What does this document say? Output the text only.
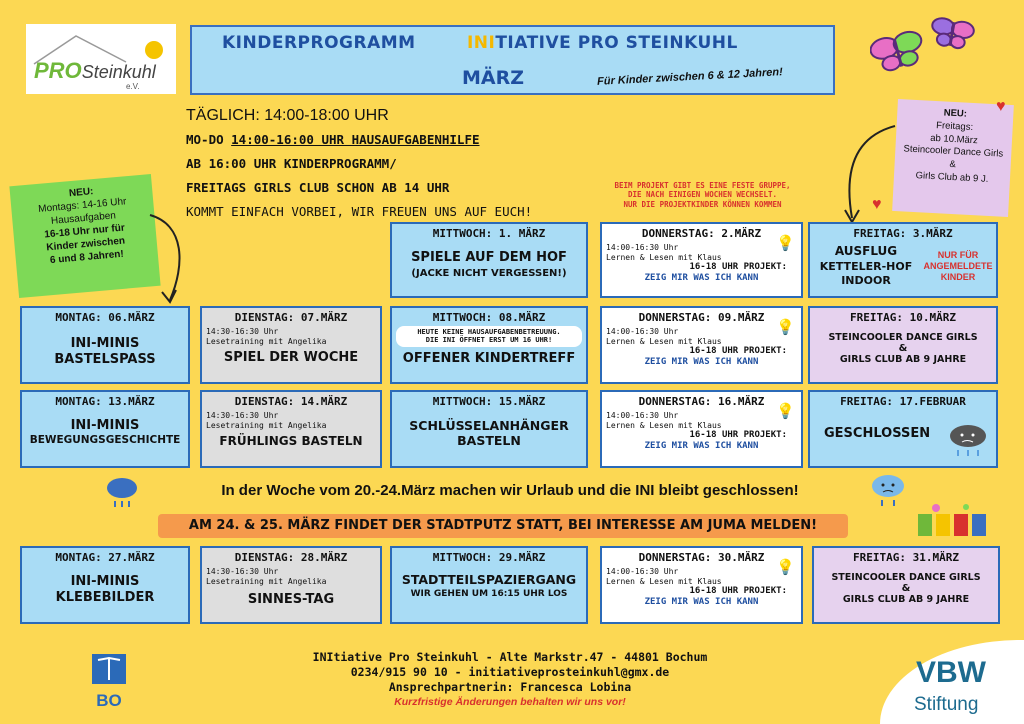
PROSteinkuhl
e.V.
KINDERPROGRAMM	INITIATIVE PRO STEINKUHL
MÄRZ	Für Kinder zwischen 6 & 12 Jahren!
TÄGLICH: 14:00-18:00 UHR
MO-DO 14:00-16:00 UHR HAUSAUFGABENHILFE
AB 16:00 UHR KINDERPROGRAMM/
FREITAGS GIRLS CLUB SCHON AB 14 UHR
KOMMT EINFACH VORBEI, WIR FREUEN UNS AUF EUCH!
NEU:
Montags: 14-16 Uhr
Hausaufgaben
16-18 Uhr nur für
Kinder zwischen
6 und 8 Jahren!
NEU:
Freitags:
ab 10.März
Steincooler Dance Girls
&
Girls Club ab 9 J.
♥
♥
BEIM PROJEKT GIBT ES EINE FESTE GRUPPE,
DIE NACH EINIGEN WOCHEN WECHSELT.
NUR DIE PROJEKTKINDER KÖNNEN KOMMEN
MITTWOCH: 1. MÄRZ
SPIELE AUF DEM HOF
(JACKE NICHT VERGESSEN!)
DONNERSTAG: 2.MÄRZ
💡
14:00-16:30 Uhr
Lernen & Lesen mit Klaus
16-18 UHR PROJEKT:
ZEIG MIR WAS ICH KANN
FREITAG: 3.MÄRZ
AUSFLUG
KETTELER-HOF
INDOOR
NUR FÜR
ANGEMELDETE
KINDER
MONTAG: 06.MÄRZ
INI-MINIS
BASTELSPASS
DIENSTAG: 07.MÄRZ
14:30-16:30 Uhr
Lesetraining mit Angelika
SPIEL DER WOCHE
MITTWOCH: 08.MÄRZ
HEUTE KEINE HAUSAUFGABENBETREUUNG.
DIE INI ÖFFNET ERST UM 16 UHR!
OFFENER KINDERTREFF
DONNERSTAG: 09.MÄRZ
💡
14:00-16:30 Uhr
Lernen & Lesen mit Klaus
16-18 UHR PROJEKT:
ZEIG MIR WAS ICH KANN
FREITAG: 10.MÄRZ
STEINCOOLER DANCE GIRLS
&
GIRLS CLUB AB 9 JAHRE
MONTAG: 13.MÄRZ
INI-MINIS
BEWEGUNGSGESCHICHTE
DIENSTAG: 14.MÄRZ
14:30-16:30 Uhr
Lesetraining mit Angelika
FRÜHLINGS BASTELN
MITTWOCH: 15.MÄRZ
SCHLÜSSELANHÄNGER
BASTELN
DONNERSTAG: 16.MÄRZ
💡
14:00-16:30 Uhr
Lernen & Lesen mit Klaus
16-18 UHR PROJEKT:
ZEIG MIR WAS ICH KANN
FREITAG: 17.FEBRUAR
GESCHLOSSEN
In der Woche vom 20.-24.März machen wir Urlaub und die INI bleibt geschlossen!
AM 24. & 25. MÄRZ FINDET DER STADTPUTZ STATT, BEI INTERESSE AM JUMA MELDEN!
MONTAG: 27.MÄRZ
INI-MINIS
KLEBEBILDER
DIENSTAG: 28.MÄRZ
14:30-16:30 Uhr
Lesetraining mit Angelika
SINNES-TAG
MITTWOCH: 29.MÄRZ
STADTTEILSPAZIERGANG
WIR GEHEN UM 16:15 UHR LOS
DONNERSTAG: 30.MÄRZ
💡
14:00-16:30 Uhr
Lernen & Lesen mit Klaus
16-18 UHR PROJEKT:
ZEIG MIR WAS ICH KANN
FREITAG: 31.MÄRZ
STEINCOOLER DANCE GIRLS
&
GIRLS CLUB AB 9 JAHRE
BO
INItiative Pro Steinkuhl - Alte Markstr.47 - 44801 Bochum
0234/915 90 10 - initiativeprosteinkuhl@gmx.de
Ansprechpartnerin: Francesca Lobina
Kurzfristige Änderungen behalten wir uns vor!
VBW
Stiftung
